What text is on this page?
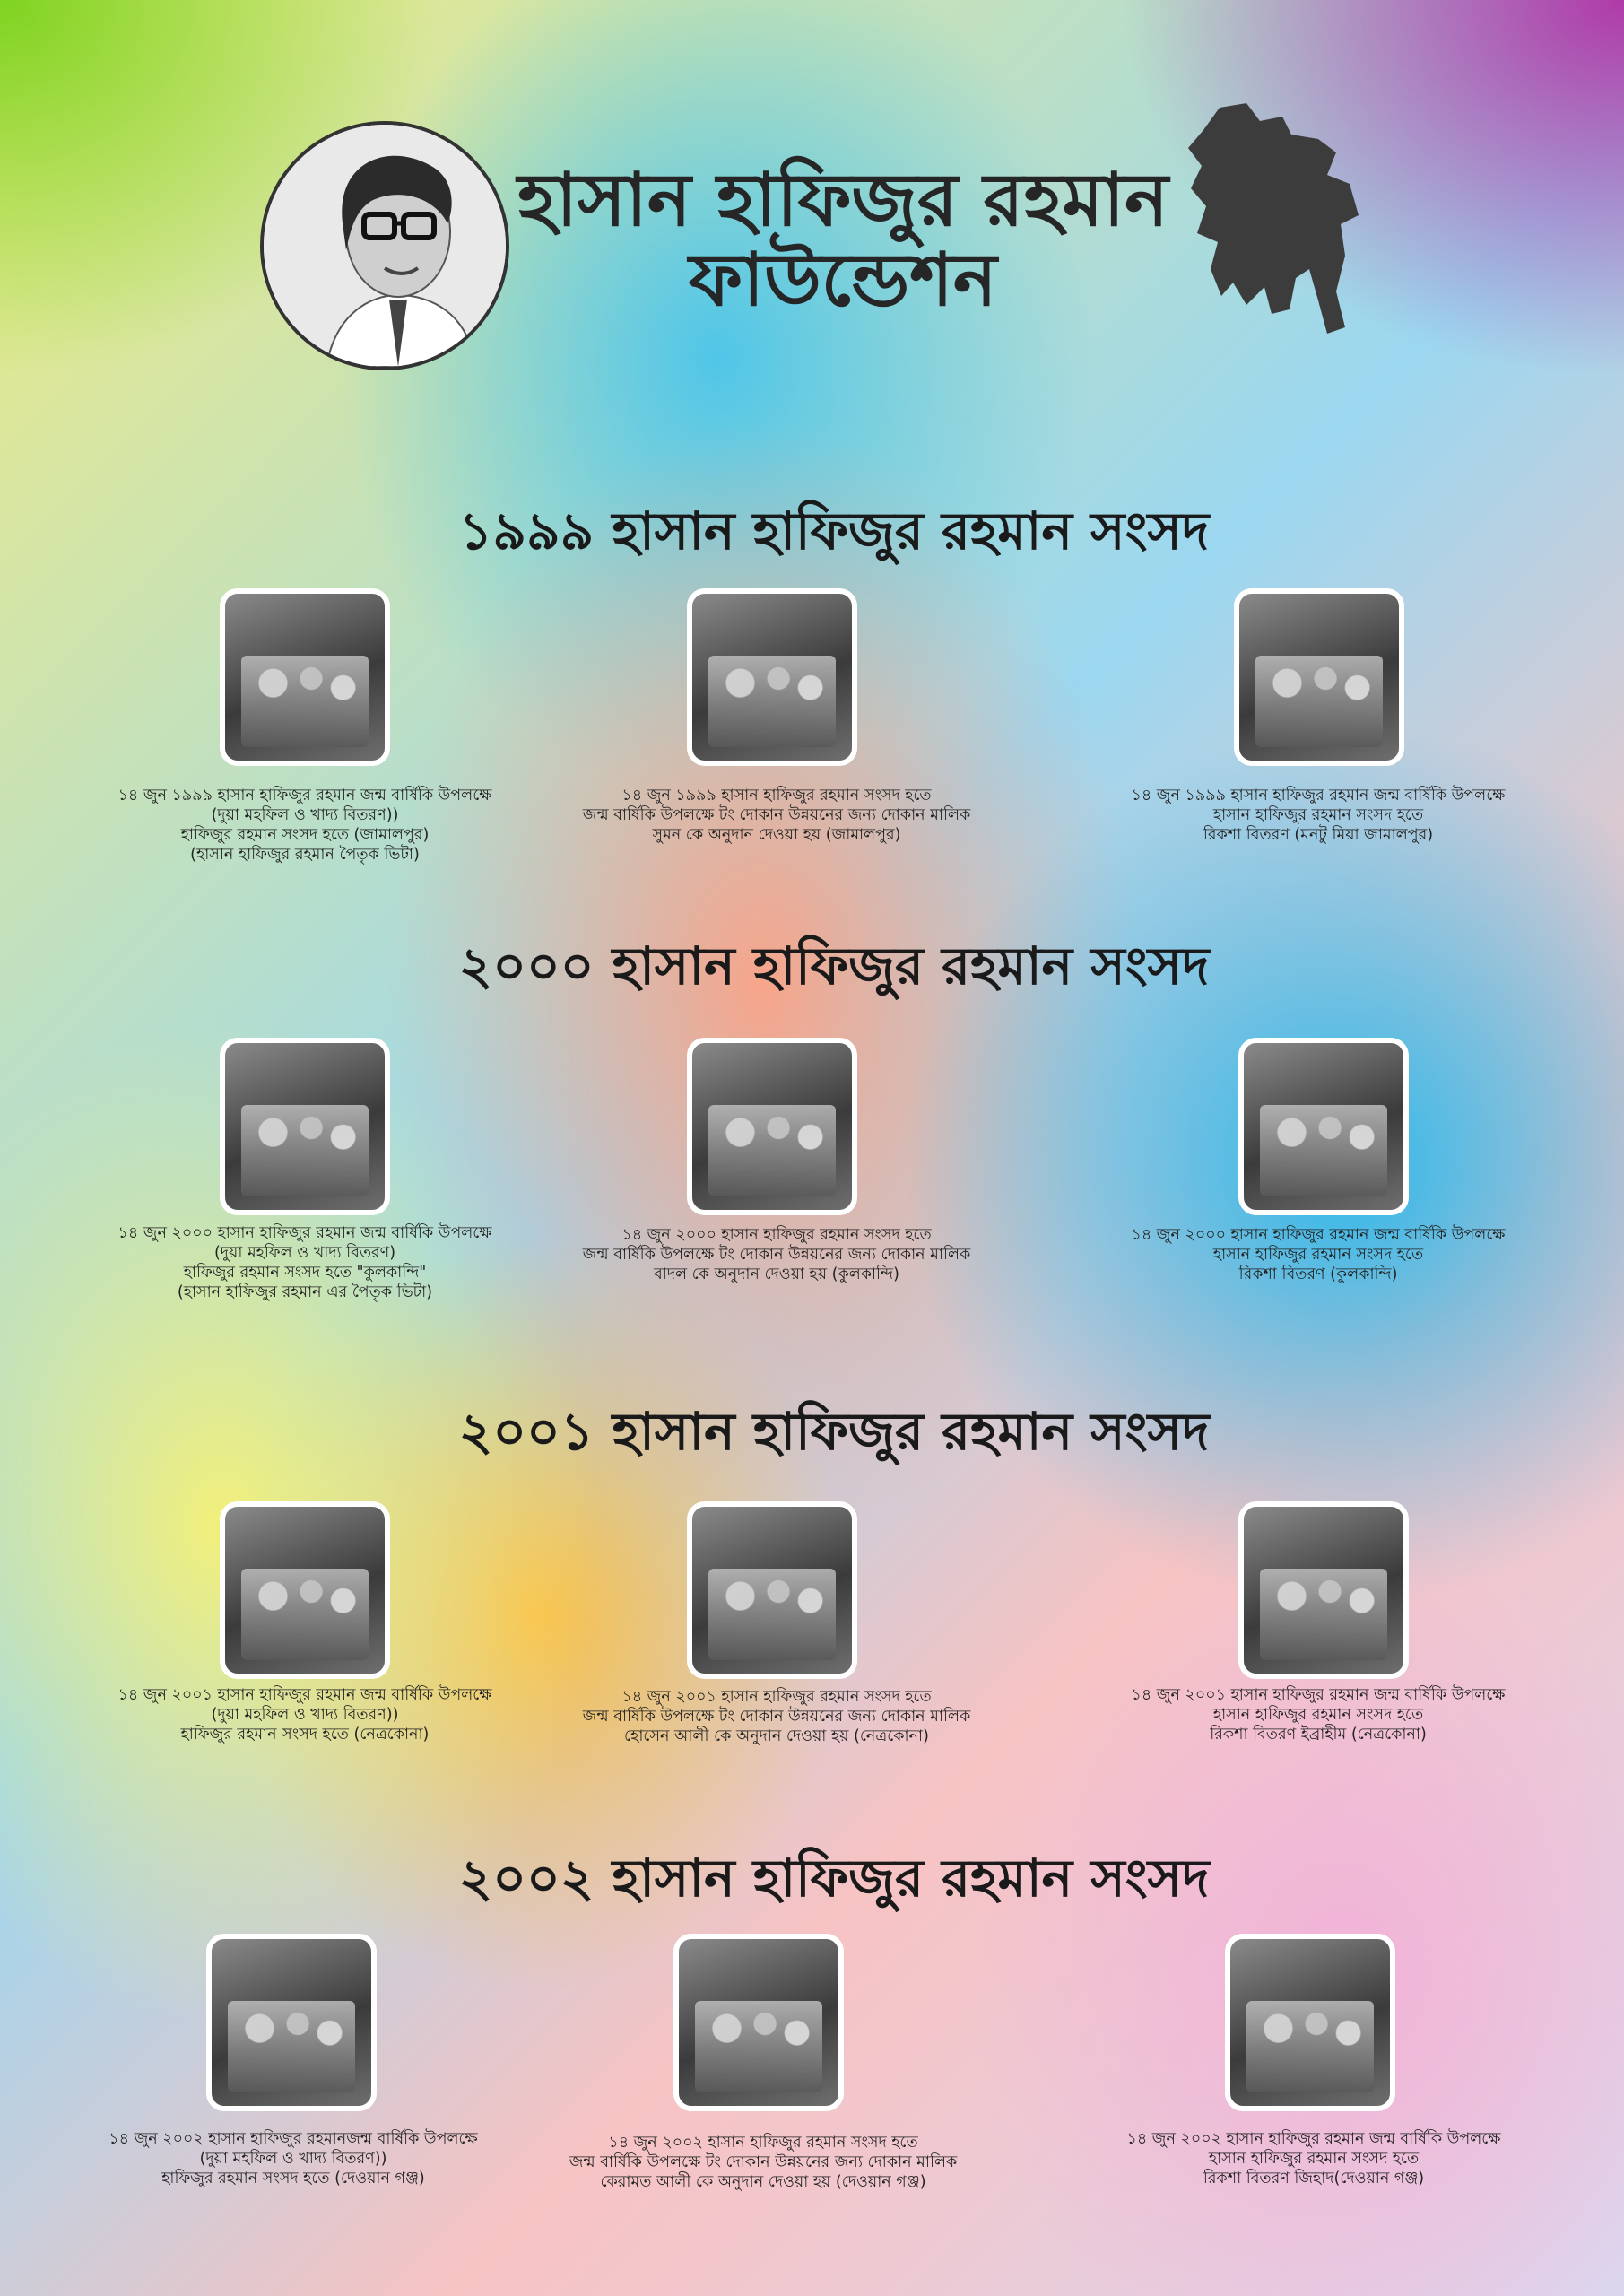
হাসান হাফিজুর রহমান
ফাউন্ডেশন
১৯৯৯ হাসান হাফিজুর রহমান সংসদ
১৪ জুন ১৯৯৯ হাসান হাফিজুর রহমান জন্ম বার্ষিকি উপলক্ষে
(দুয়া মহফিল ও খাদ্য বিতরণ))
হাফিজুর রহমান সংসদ হতে (জামালপুর)
(হাসান হাফিজুর রহমান পৈতৃক ভিটা)
১৪ জুন ১৯৯৯ হাসান হাফিজুর রহমান সংসদ হতে
জন্ম বার্ষিকি উপলক্ষে টং দোকান উন্নয়নের জন্য দোকান মালিক
সুমন কে অনুদান দেওয়া হয় (জামালপুর)
১৪ জুন ১৯৯৯ হাসান হাফিজুর রহমান জন্ম বার্ষিকি উপলক্ষে
হাসান হাফিজুর রহমান সংসদ হতে
রিকশা বিতরণ (মনটু মিয়া জামালপুর)
২০০০ হাসান হাফিজুর রহমান সংসদ
১৪ জুন ২০০০ হাসান হাফিজুর রহমান জন্ম বার্ষিকি উপলক্ষে
(দুয়া মহফিল ও খাদ্য বিতরণ)
হাফিজুর রহমান সংসদ হতে "কুলকান্দি"
(হাসান হাফিজুর রহমান এর পৈতৃক ভিটা)
১৪ জুন ২০০০ হাসান হাফিজুর রহমান সংসদ হতে
জন্ম বার্ষিকি উপলক্ষে টং দোকান উন্নয়নের জন্য দোকান মালিক
বাদল কে অনুদান দেওয়া হয় (কুলকান্দি)
১৪ জুন ২০০০ হাসান হাফিজুর রহমান জন্ম বার্ষিকি উপলক্ষে
হাসান হাফিজুর রহমান সংসদ হতে
রিকশা বিতরণ (কুলকান্দি)
২০০১ হাসান হাফিজুর রহমান সংসদ
১৪ জুন ২০০১ হাসান হাফিজুর রহমান জন্ম বার্ষিকি উপলক্ষে
(দুয়া মহফিল ও খাদ্য বিতরণ))
হাফিজুর রহমান সংসদ হতে (নেত্রকোনা)
১৪ জুন ২০০১ হাসান হাফিজুর রহমান সংসদ হতে
জন্ম বার্ষিকি উপলক্ষে টং দোকান উন্নয়নের জন্য দোকান মালিক
হোসেন আলী কে অনুদান দেওয়া হয় (নেত্রকোনা)
১৪ জুন ২০০১ হাসান হাফিজুর রহমান জন্ম বার্ষিকি উপলক্ষে
হাসান হাফিজুর রহমান সংসদ হতে
রিকশা বিতরণ ইব্রাহীম (নেত্রকোনা)
২০০২ হাসান হাফিজুর রহমান সংসদ
১৪ জুন ২০০২ হাসান হাফিজুর রহমানজন্ম বার্ষিকি উপলক্ষে
(দুয়া মহফিল ও খাদ্য বিতরণ))
হাফিজুর রহমান সংসদ হতে (দেওয়ান গঞ্জ)
১৪ জুন ২০০২ হাসান হাফিজুর রহমান সংসদ হতে
জন্ম বার্ষিকি উপলক্ষে টং দোকান উন্নয়নের জন্য দোকান মালিক
কেরামত আলী কে অনুদান দেওয়া হয় (দেওয়ান গঞ্জ)
১৪ জুন ২০০২ হাসান হাফিজুর রহমান জন্ম বার্ষিকি উপলক্ষে
হাসান হাফিজুর রহমান সংসদ হতে
রিকশা বিতরণ জিহাদ(দেওয়ান গঞ্জ)
